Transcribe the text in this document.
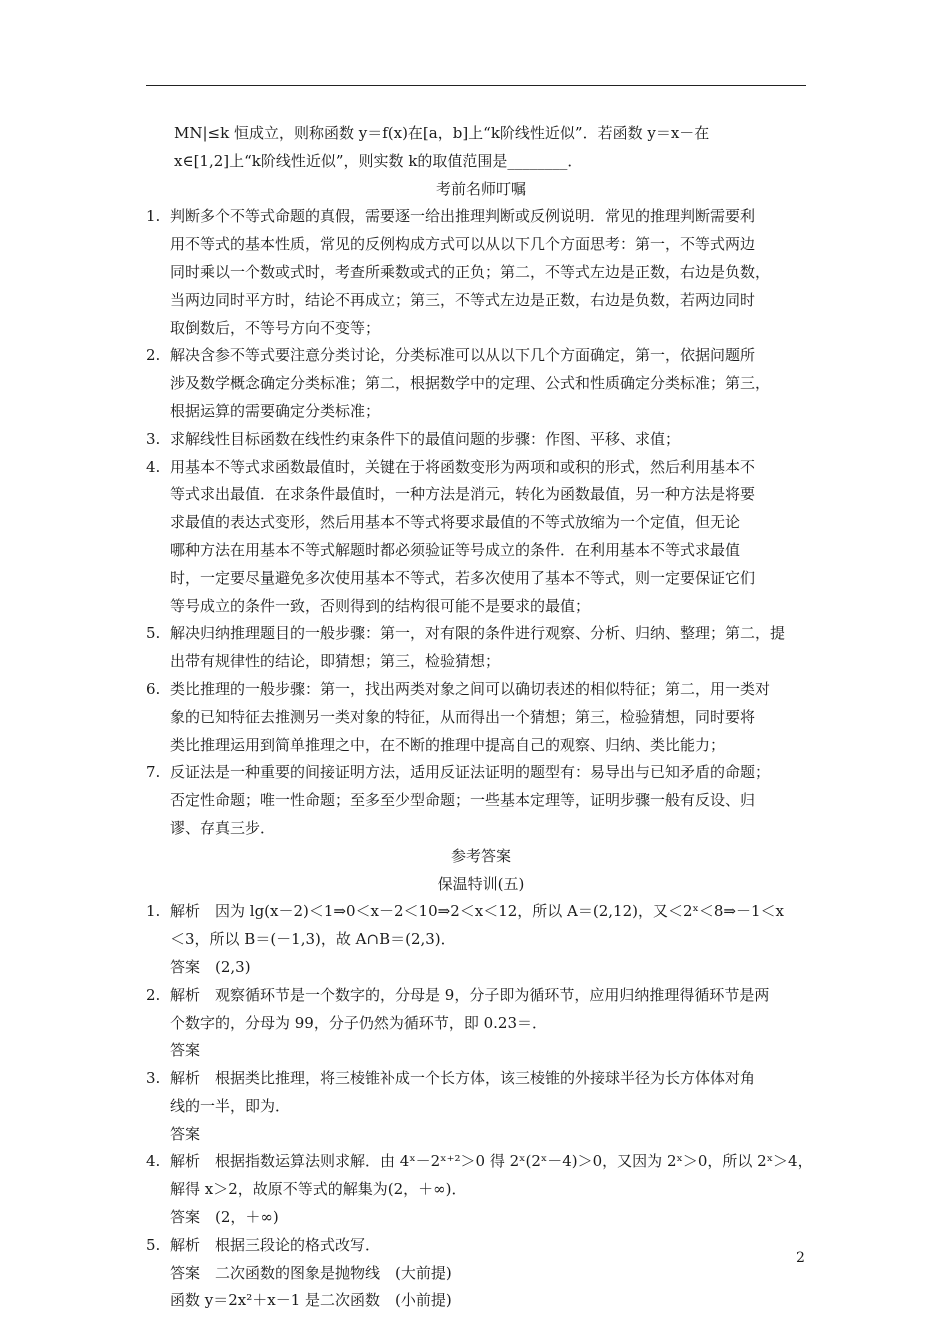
MN|≤k 恒成立，则称函数 y＝f(x)在[a，b]上“k阶线性近似”．若函数 y＝x－在
x∈[1,2]上“k阶线性近似”，则实数 k的取值范围是________．
考前名师叮嘱
1. 判断多个不等式命题的真假，需要逐一给出推理判断或反例说明．常见的推理判断需要利
用不等式的基本性质，常见的反例构成方式可以从以下几个方面思考：第一，不等式两边
同时乘以一个数或式时，考查所乘数或式的正负；第二，不等式左边是正数，右边是负数，
当两边同时平方时，结论不再成立；第三，不等式左边是正数，右边是负数，若两边同时
取倒数后，不等号方向不变等；
2. 解决含参不等式要注意分类讨论，分类标准可以从以下几个方面确定，第一，依据问题所
涉及数学概念确定分类标准；第二，根据数学中的定理、公式和性质确定分类标准；第三，
根据运算的需要确定分类标准；
3. 求解线性目标函数在线性约束条件下的最值问题的步骤：作图、平移、求值；
4. 用基本不等式求函数最值时，关键在于将函数变形为两项和或积的形式，然后利用基本不
等式求出最值．在求条件最值时，一种方法是消元，转化为函数最值，另一种方法是将要
求最值的表达式变形，然后用基本不等式将要求最值的不等式放缩为一个定值，但无论
哪种方法在用基本不等式解题时都必须验证等号成立的条件．在利用基本不等式求最值
时，一定要尽量避免多次使用基本不等式，若多次使用了基本不等式，则一定要保证它们
等号成立的条件一致，否则得到的结构很可能不是要求的最值；
5. 解决归纳推理题目的一般步骤：第一，对有限的条件进行观察、分析、归纳、整理；第二，提
出带有规律性的结论，即猜想；第三，检验猜想；
6. 类比推理的一般步骤：第一，找出两类对象之间可以确切表述的相似特征；第二，用一类对
象的已知特征去推测另一类对象的特征，从而得出一个猜想；第三，检验猜想，同时要将
类比推理运用到简单推理之中，在不断的推理中提高自己的观察、归纳、类比能力；
7. 反证法是一种重要的间接证明方法，适用反证法证明的题型有：易导出与已知矛盾的命题；
否定性命题；唯一性命题；至多至少型命题；一些基本定理等，证明步骤一般有反设、归
谬、存真三步．
参考答案
保温特训(五)
1. 解析　因为 lg(x－2)＜1⇒0＜x－2＜10⇒2＜x＜12，所以 A＝(2,12)，又＜2ˣ＜8⇒－1＜x
＜3，所以 B＝(－1,3)，故 A∩B＝(2,3)．
答案　(2,3)
2. 解析　观察循环节是一个数字的，分母是 9，分子即为循环节，应用归纳推理得循环节是两
个数字的，分母为 99，分子仍然为循环节，即 0.23＝．
答案
3. 解析　根据类比推理，将三棱锥补成一个长方体，该三棱锥的外接球半径为长方体体对角
线的一半，即为．
答案
4. 解析　根据指数运算法则求解．由 4ˣ－2ˣ⁺²＞0 得 2ˣ(2ˣ－4)＞0，又因为 2ˣ＞0，所以 2ˣ＞4，
解得 x＞2，故原不等式的解集为(2，＋∞)．
答案　(2，＋∞)
5. 解析　根据三段论的格式改写．
答案　二次函数的图象是抛物线　(大前提)
函数 y＝2x²＋x－1 是二次函数　(小前提)
2
